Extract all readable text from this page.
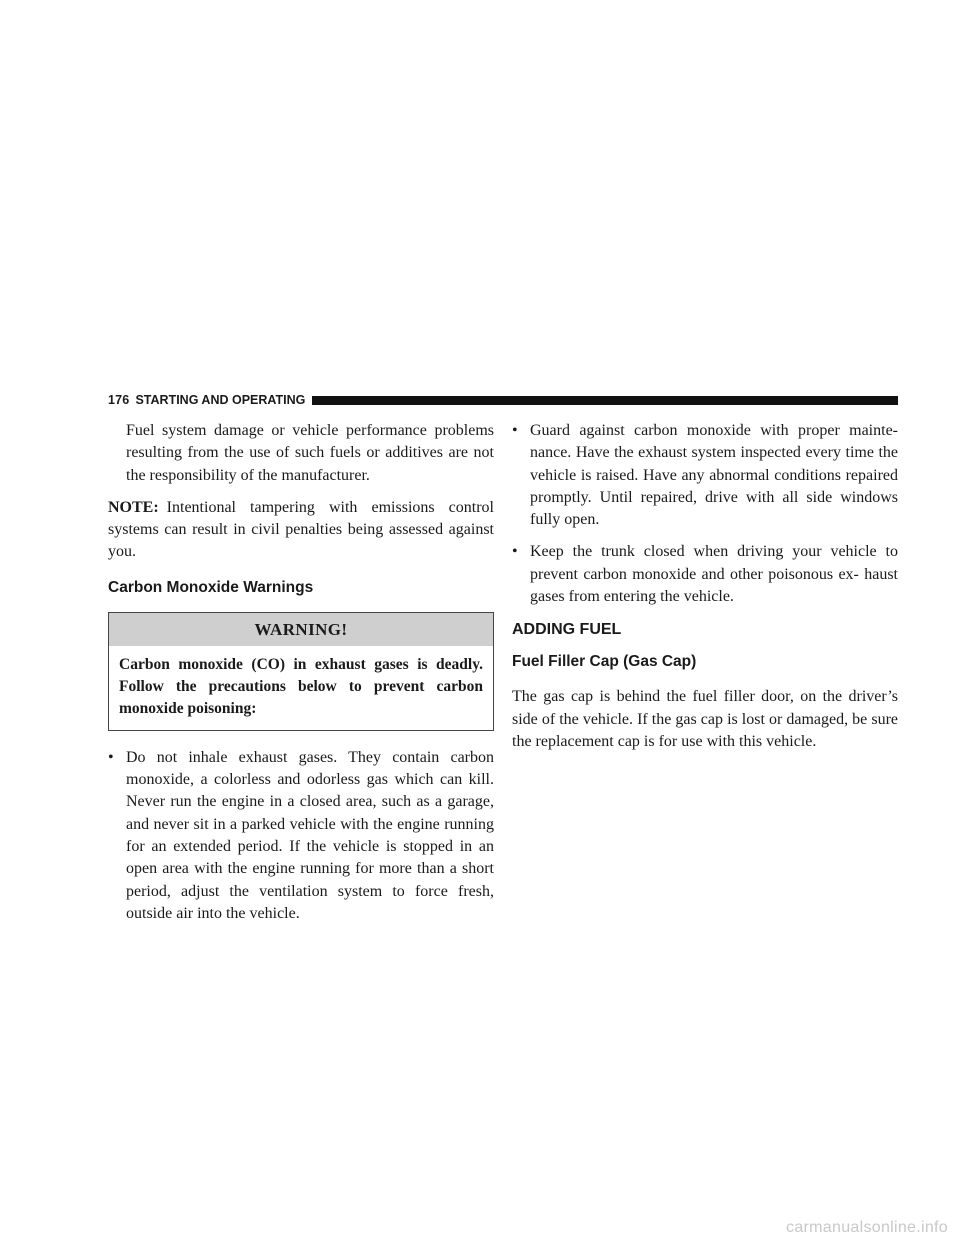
176 STARTING AND OPERATING

Fuel system damage or vehicle performance problems resulting from the use of such fuels or additives are not the responsibility of the manufacturer.

NOTE: Intentional tampering with emissions control systems can result in civil penalties being assessed against you.

Carbon Monoxide Warnings
WARNING!
Carbon monoxide (CO) in exhaust gases is deadly. Follow the precautions below to prevent carbon monoxide poisoning:
• Do not inhale exhaust gases. They contain carbon monoxide, a colorless and odorless gas which can kill. Never run the engine in a closed area, such as a garage, and never sit in a parked vehicle with the engine running for an extended period. If the vehicle is stopped in an open area with the engine running for more than a short period, adjust the ventilation system to force fresh, outside air into the vehicle.
• Guard against carbon monoxide with proper mainte- nance. Have the exhaust system inspected every time the vehicle is raised. Have any abnormal conditions repaired promptly. Until repaired, drive with all side windows fully open.
• Keep the trunk closed when driving your vehicle to prevent carbon monoxide and other poisonous ex- haust gases from entering the vehicle.
ADDING FUEL
Fuel Filler Cap (Gas Cap)

The gas cap is behind the fuel filler door, on the driver’s side of the vehicle. If the gas cap is lost or damaged, be sure the replacement cap is for use with this vehicle.

carmanualsonline.info
